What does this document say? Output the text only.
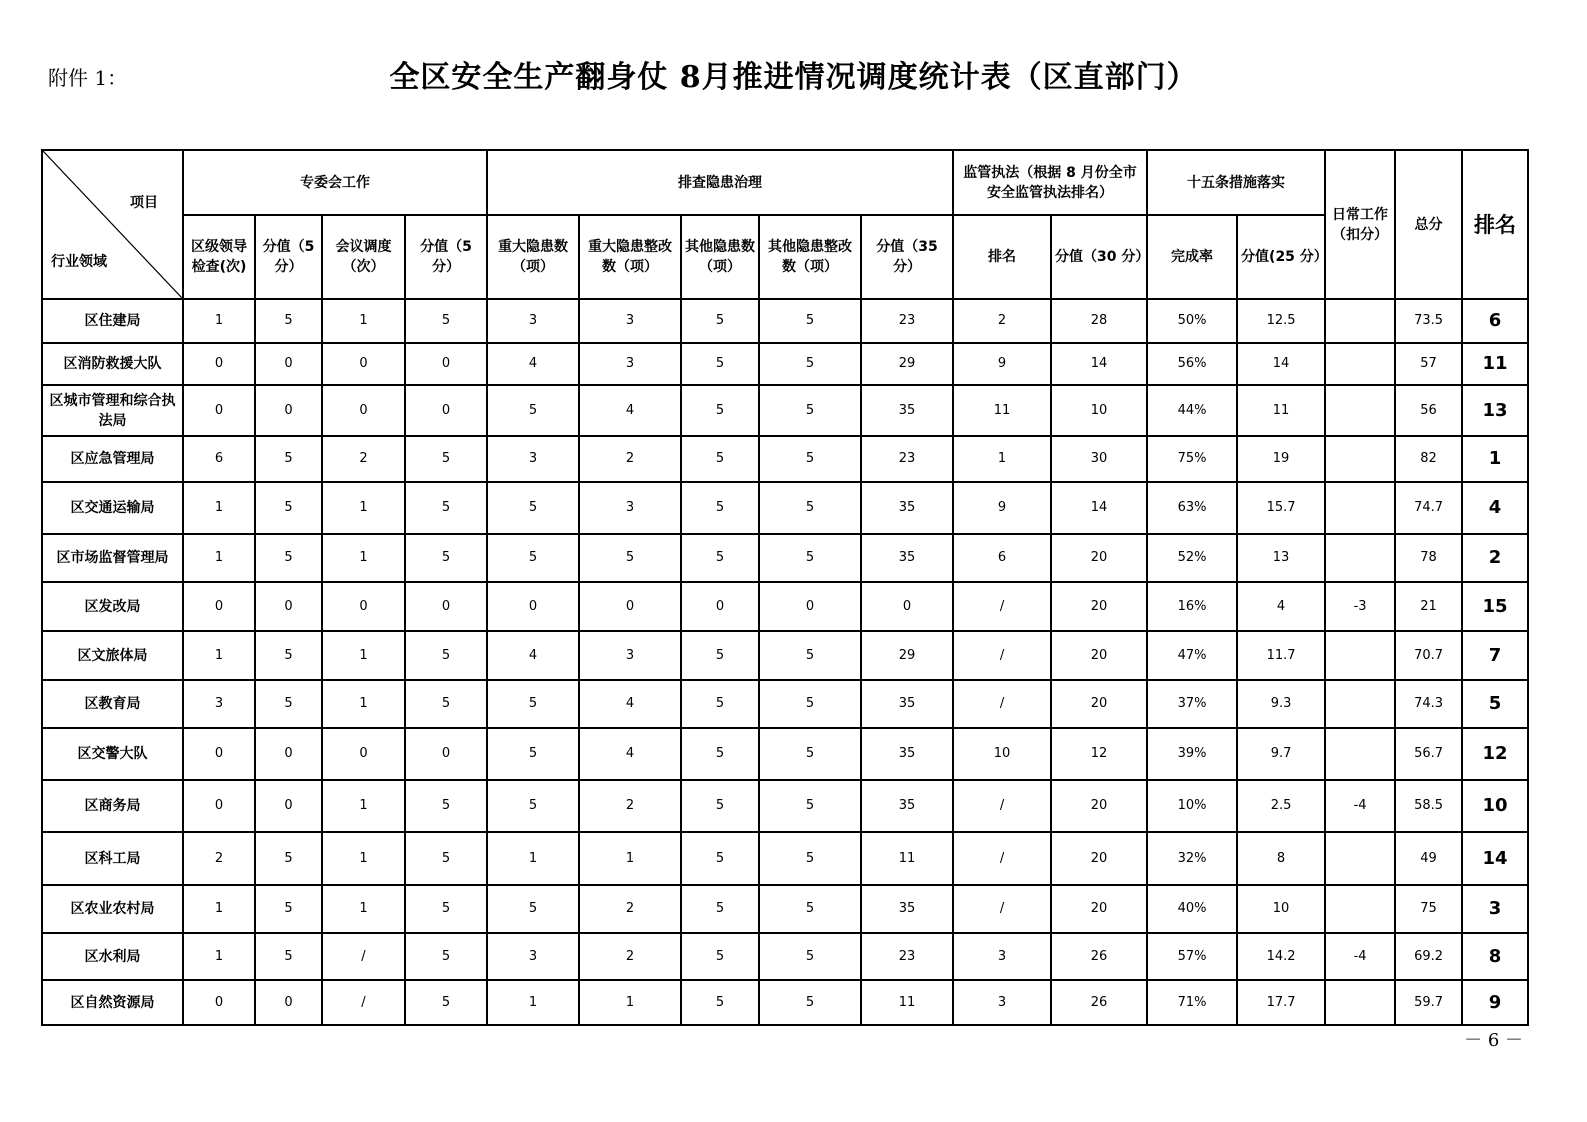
附件 1：	全区安全生产翻身仗 8月推进情况调度统计表（区直部门）
项目
行业领域	专委会工作				排查隐患治理					监管执法（根据 8 月份全市安全监管执法排名）		十五条措施落实		日常工作（扣分）	总分	排名
	区级领导检查(次)	分值（5 分）	会议调度（次）	分值（5 分）	重大隐患数（项）	重大隐患整改数（项）	其他隐患数（项）	其他隐患整改数（项）	分值（35 分）	排名	分值（30 分）	完成率	分值(25 分）			
区住建局	1	5	1	5	3	3	5	5	23	2	28	50%	12.5		73.5	6
区消防救援大队	0	0	0	0	4	3	5	5	29	9	14	56%	14		57	11
区城市管理和综合执法局	0	0	0	0	5	4	5	5	35	11	10	44%	11		56	13
区应急管理局	6	5	2	5	3	2	5	5	23	1	30	75%	19		82	1
区交通运输局	1	5	1	5	5	3	5	5	35	9	14	63%	15.7		74.7	4
区市场监督管理局	1	5	1	5	5	5	5	5	35	6	20	52%	13		78	2
区发改局	0	0	0	0	0	0	0	0	0	/	20	16%	4	-3	21	15
区文旅体局	1	5	1	5	4	3	5	5	29	/	20	47%	11.7		70.7	7
区教育局	3	5	1	5	5	4	5	5	35	/	20	37%	9.3		74.3	5
区交警大队	0	0	0	0	5	4	5	5	35	10	12	39%	9.7		56.7	12
区商务局	0	0	1	5	5	2	5	5	35	/	20	10%	2.5	-4	58.5	10
区科工局	2	5	1	5	1	1	5	5	11	/	20	32%	8		49	14
区农业农村局	1	5	1	5	5	2	5	5	35	/	20	40%	10		75	3
区水利局	1	5	/	5	3	2	5	5	23	3	26	57%	14.2	-4	69.2	8
区自然资源局	0	0	/	5	1	1	5	5	11	3	26	71%	17.7		59.7	9
－ 6 －
